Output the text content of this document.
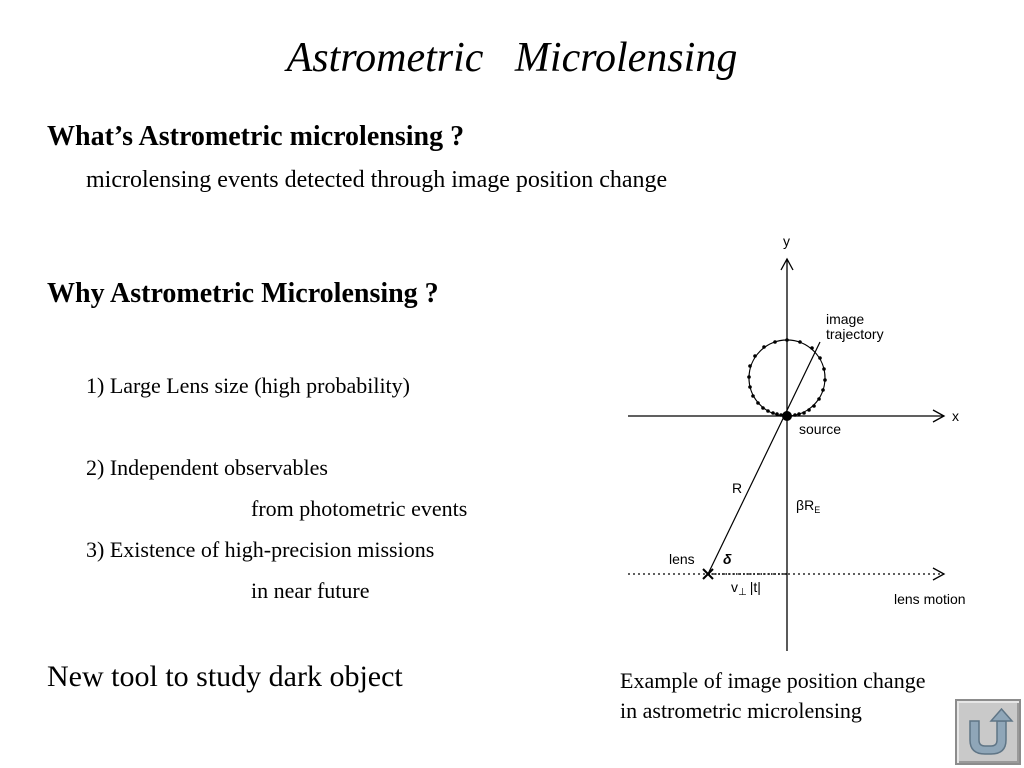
Astrometric   Microlensing
What’s Astrometric microlensing ?
microlensing events detected through image position change
Why Astrometric Microlensing ?
1) Large Lens size (high probability)
2) Independent observables
from photometric events
3) Existence of high-precision missions
in near future
New tool to study dark object
y
x
image
trajectory
source
R
$\beta R_E$
lens δ
$v_\perp$ |t|
lens motion
Example of image position change
in astrometric microlensing
